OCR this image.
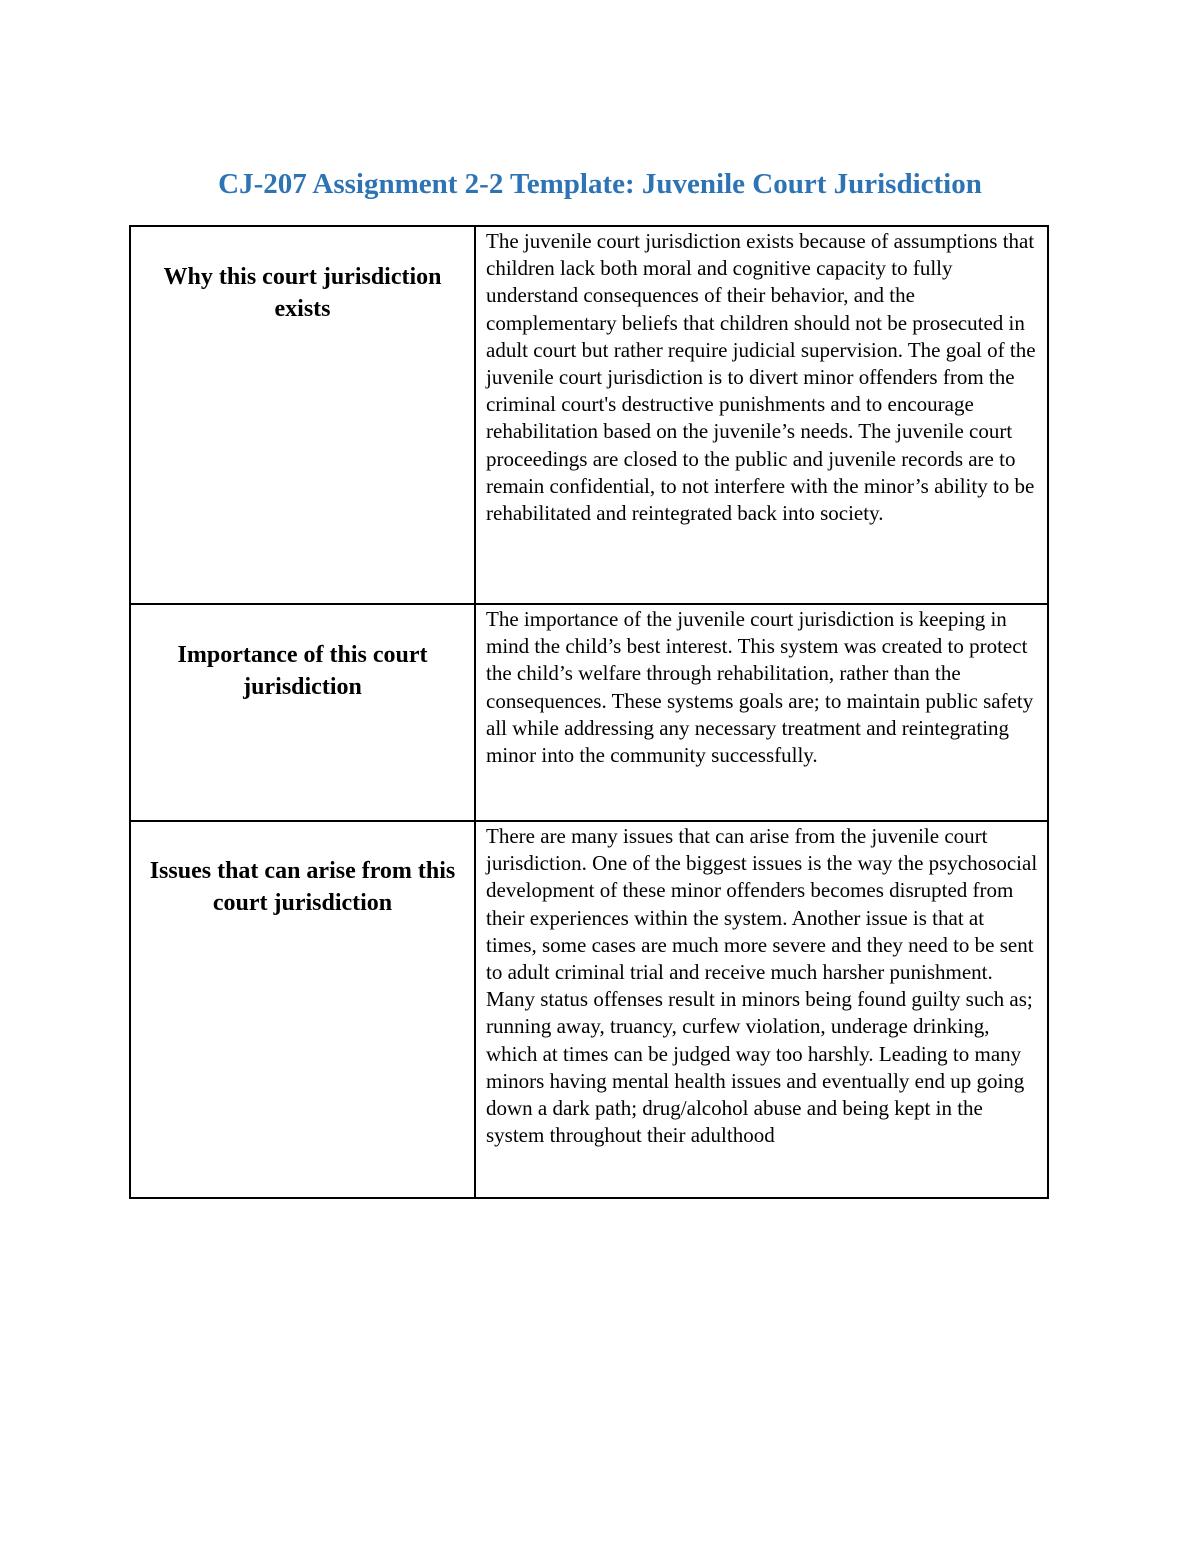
CJ-207 Assignment 2-2 Template: Juvenile Court Jurisdiction
Why this court jurisdiction exists	The juvenile court jurisdiction exists because of assumptions that children lack both moral and cognitive capacity to fully understand consequences of their behavior, and the complementary beliefs that children should not be prosecuted in adult court but rather require judicial supervision. The goal of the juvenile court jurisdiction is to divert minor offenders from the criminal court's destructive punishments and to encourage rehabilitation based on the juvenile’s needs. The juvenile court proceedings are closed to the public and juvenile records are to remain confidential, to not interfere with the minor’s ability to be rehabilitated and reintegrated back into society.

Importance of this court jurisdiction	The importance of the juvenile court jurisdiction is keeping in mind the child’s best interest. This system was created to protect the child’s welfare through rehabilitation, rather than the consequences. These systems goals are; to maintain public safety all while addressing any necessary treatment and reintegrating minor into the community successfully.

Issues that can arise from this court jurisdiction	There are many issues that can arise from the juvenile court jurisdiction. One of the biggest issues is the way the psychosocial development of these minor offenders becomes disrupted from their experiences within the system. Another issue is that at times, some cases are much more severe and they need to be sent to adult criminal trial and receive much harsher punishment. Many status offenses result in minors being found guilty such as; running away, truancy, curfew violation, underage drinking, which at times can be judged way too harshly. Leading to many minors having mental health issues and eventually end up going down a dark path; drug/alcohol abuse and being kept in the system throughout their adulthood
